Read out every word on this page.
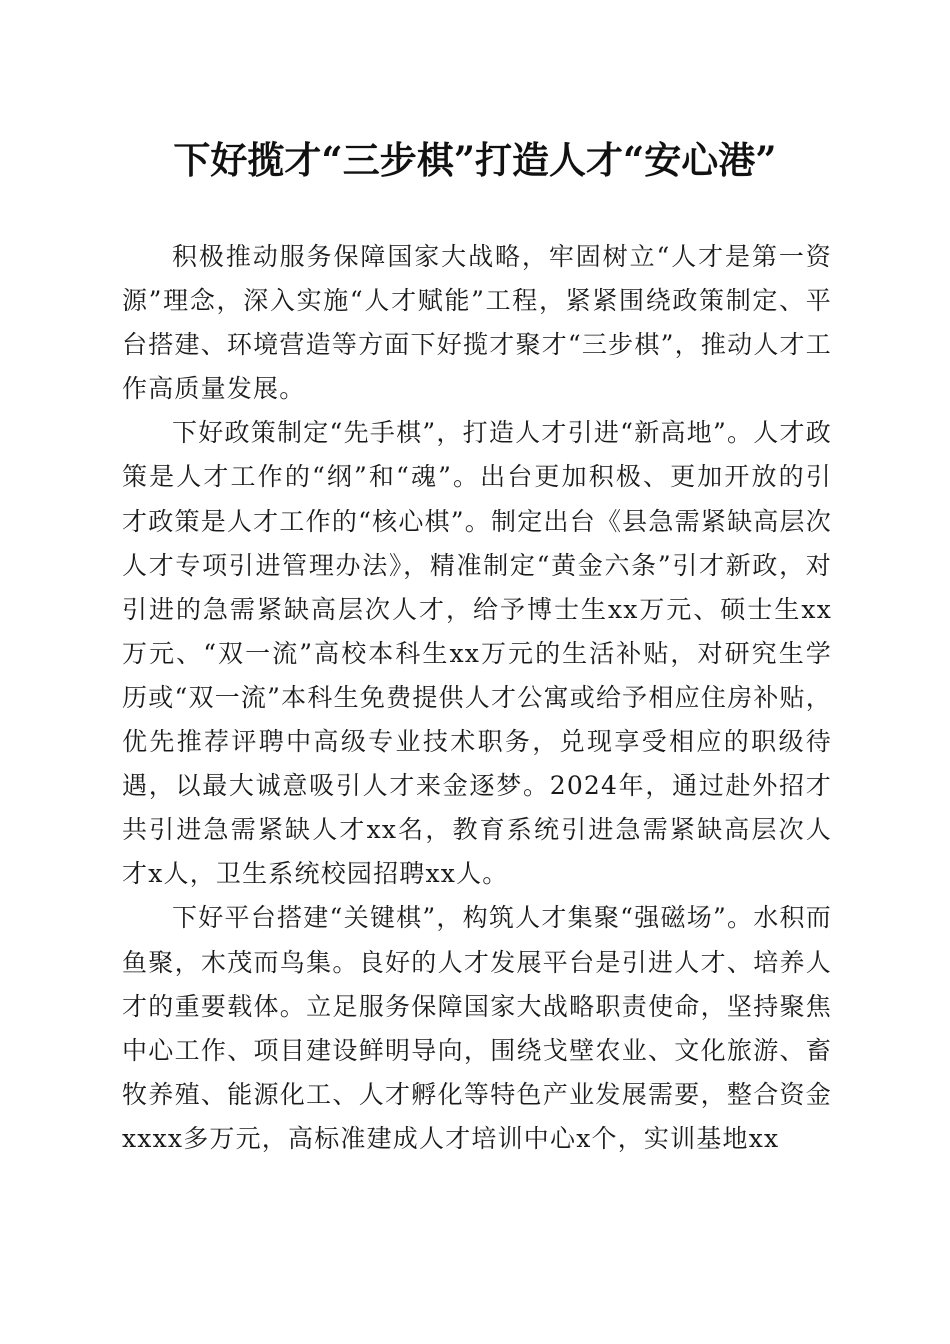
下好揽才“三步棋”打造人才“安心港”

积极推动服务保障国家大战略，牢固树立“人才是第一资源”理念，深入实施“人才赋能”工程，紧紧围绕政策制定、平台搭建、环境营造等方面下好揽才聚才“三步棋”，推动人才工作高质量发展。

下好政策制定“先手棋”，打造人才引进“新高地”。人才政策是人才工作的“纲”和“魂”。出台更加积极、更加开放的引才政策是人才工作的“核心棋”。制定出台《县急需紧缺高层次人才专项引进管理办法》，精准制定“黄金六条”引才新政，对引进的急需紧缺高层次人才，给予博士生xx万元、硕士生xx万元、“双一流”高校本科生xx万元的生活补贴，对研究生学历或“双一流”本科生免费提供人才公寓或给予相应住房补贴，优先推荐评聘中高级专业技术职务，兑现享受相应的职级待遇，以最大诚意吸引人才来金逐梦。2024年，通过赴外招才共引进急需紧缺人才xx名，教育系统引进急需紧缺高层次人才x人，卫生系统校园招聘xx人。

下好平台搭建“关键棋”，构筑人才集聚“强磁场”。水积而鱼聚，木茂而鸟集。良好的人才发展平台是引进人才、培养人才的重要载体。立足服务保障国家大战略职责使命，坚持聚焦中心工作、项目建设鲜明导向，围绕戈壁农业、文化旅游、畜牧养殖、能源化工、人才孵化等特色产业发展需要，整合资金xxxx多万元，高标准建成人才培训中心x个，实训基地xx
